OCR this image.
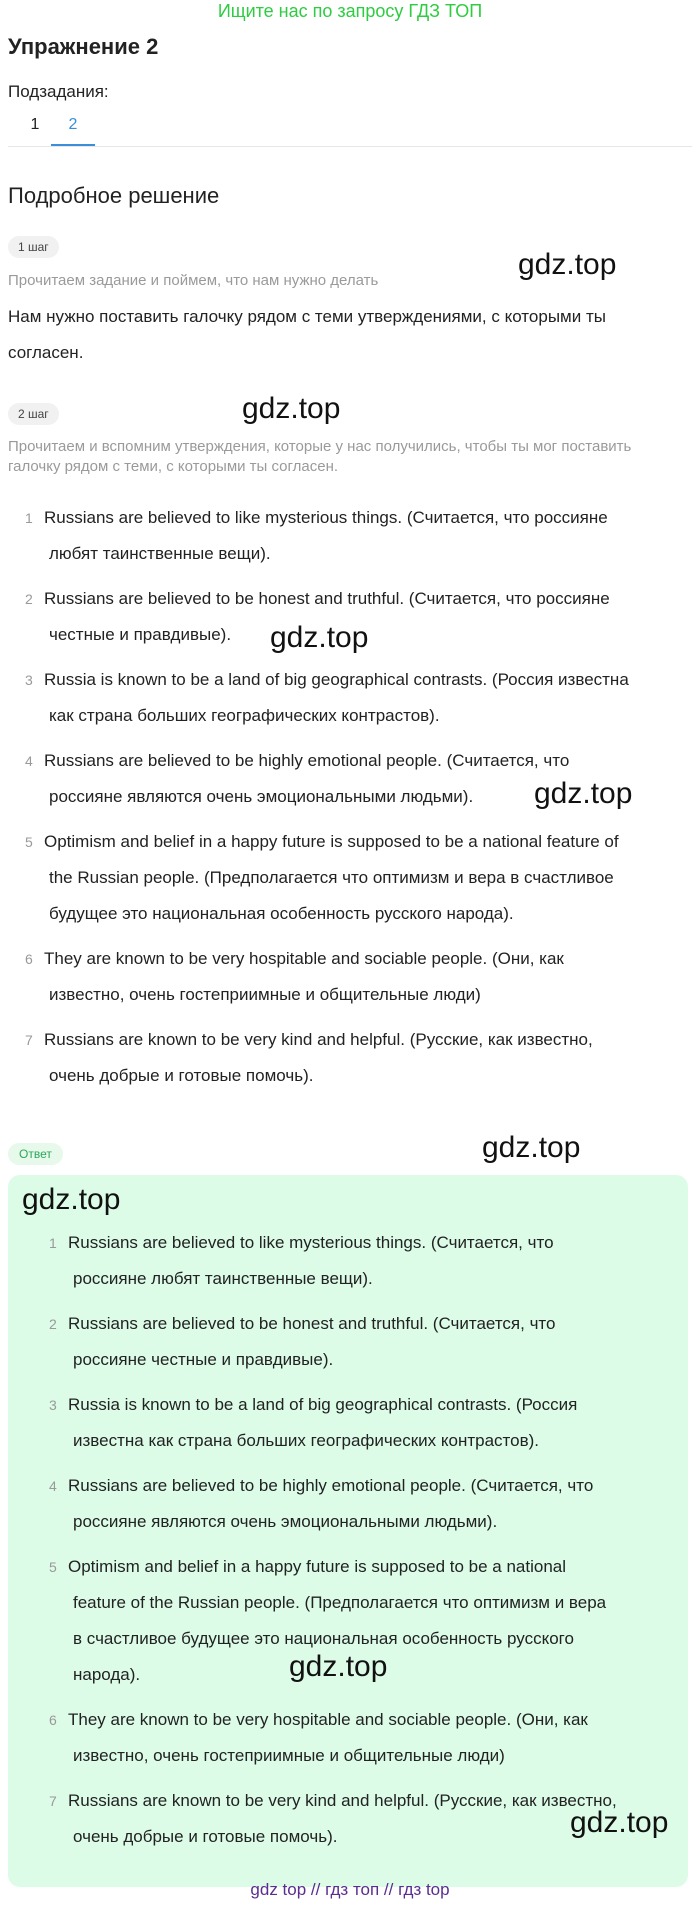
Ищите нас по запросу ГДЗ ТОП
Упражнение 2
Подзадания:
1	2
Подробное решение
1 шаг
Прочитаем задание и поймем, что нам нужно делать
Нам нужно поставить галочку рядом с теми утверждениями, с которыми ты
согласен.
2 шаг
Прочитаем и вспомним утверждения, которые у нас получились, чтобы ты мог поставить
галочку рядом с теми, с которыми ты согласен.
1 Russians are believed to like mysterious things. (Считается, что россияне
любят таинственные вещи).
2 Russians are believed to be honest and truthful. (Считается, что россияне
честные и правдивые).
3 Russia is known to be a land of big geographical contrasts. (Россия известна
как страна больших географических контрастов).
4 Russians are believed to be highly emotional people. (Считается, что
россияне являются очень эмоциональными людьми).
5 Optimism and belief in a happy future is supposed to be a national feature of
the Russian people. (Предполагается что оптимизм и вера в счастливое
будущее это национальная особенность русского народа).
6 They are known to be very hospitable and sociable people. (Они, как
известно, очень гостеприимные и общительные люди)
7 Russians are known to be very kind and helpful. (Русские, как известно,
очень добрые и готовые помочь).
Ответ
1 Russians are believed to like mysterious things. (Считается, что
россияне любят таинственные вещи).
2 Russians are believed to be honest and truthful. (Считается, что
россияне честные и правдивые).
3 Russia is known to be a land of big geographical contrasts. (Россия
известна как страна больших географических контрастов).
4 Russians are believed to be highly emotional people. (Считается, что
россияне являются очень эмоциональными людьми).
5 Optimism and belief in a happy future is supposed to be a national
feature of the Russian people. (Предполагается что оптимизм и вера
в счастливое будущее это национальная особенность русского
народа).
6 They are known to be very hospitable and sociable people. (Они, как
известно, очень гостеприимные и общительные люди)
7 Russians are known to be very kind and helpful. (Русские, как известно,
очень добрые и готовые помочь).
gdz.top
gdz.top
gdz.top
gdz.top
gdz.top
gdz.top
gdz.top
gdz.top
gdz top // гдз топ // гдз top
